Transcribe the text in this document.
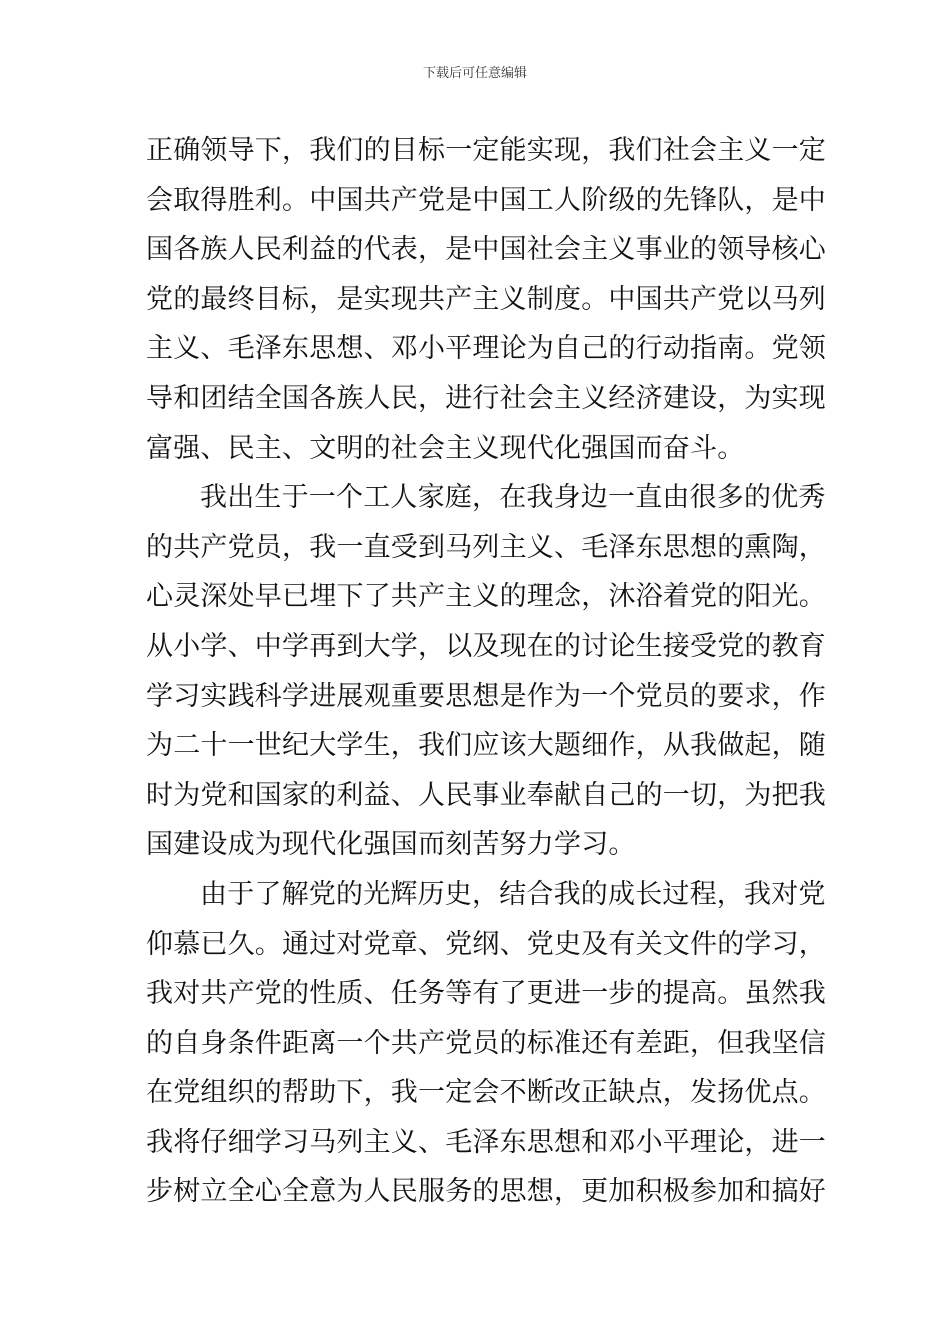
下载后可任意编辑
正确领导下，我们的目标一定能实现，我们社会主义一定
会取得胜利。中国共产党是中国工人阶级的先锋队，是中
国各族人民利益的代表，是中国社会主义事业的领导核心
党的最终目标，是实现共产主义制度。中国共产党以马列
主义、毛泽东思想、邓小平理论为自己的行动指南。党领
导和团结全国各族人民，进行社会主义经济建设，为实现
富强、民主、文明的社会主义现代化强国而奋斗。
我出生于一个工人家庭，在我身边一直由很多的优秀
的共产党员，我一直受到马列主义、毛泽东思想的熏陶，
心灵深处早已埋下了共产主义的理念，沐浴着党的阳光。
从小学、中学再到大学，以及现在的讨论生接受党的教育
学习实践科学进展观重要思想是作为一个党员的要求，作
为二十一世纪大学生，我们应该大题细作，从我做起，随
时为党和国家的利益、人民事业奉献自己的一切，为把我
国建设成为现代化强国而刻苦努力学习。
由于了解党的光辉历史，结合我的成长过程，我对党
仰慕已久。通过对党章、党纲、党史及有关文件的学习，
我对共产党的性质、任务等有了更进一步的提高。虽然我
的自身条件距离一个共产党员的标准还有差距，但我坚信
在党组织的帮助下，我一定会不断改正缺点，发扬优点。
我将仔细学习马列主义、毛泽东思想和邓小平理论，进一
步树立全心全意为人民服务的思想，更加积极参加和搞好
